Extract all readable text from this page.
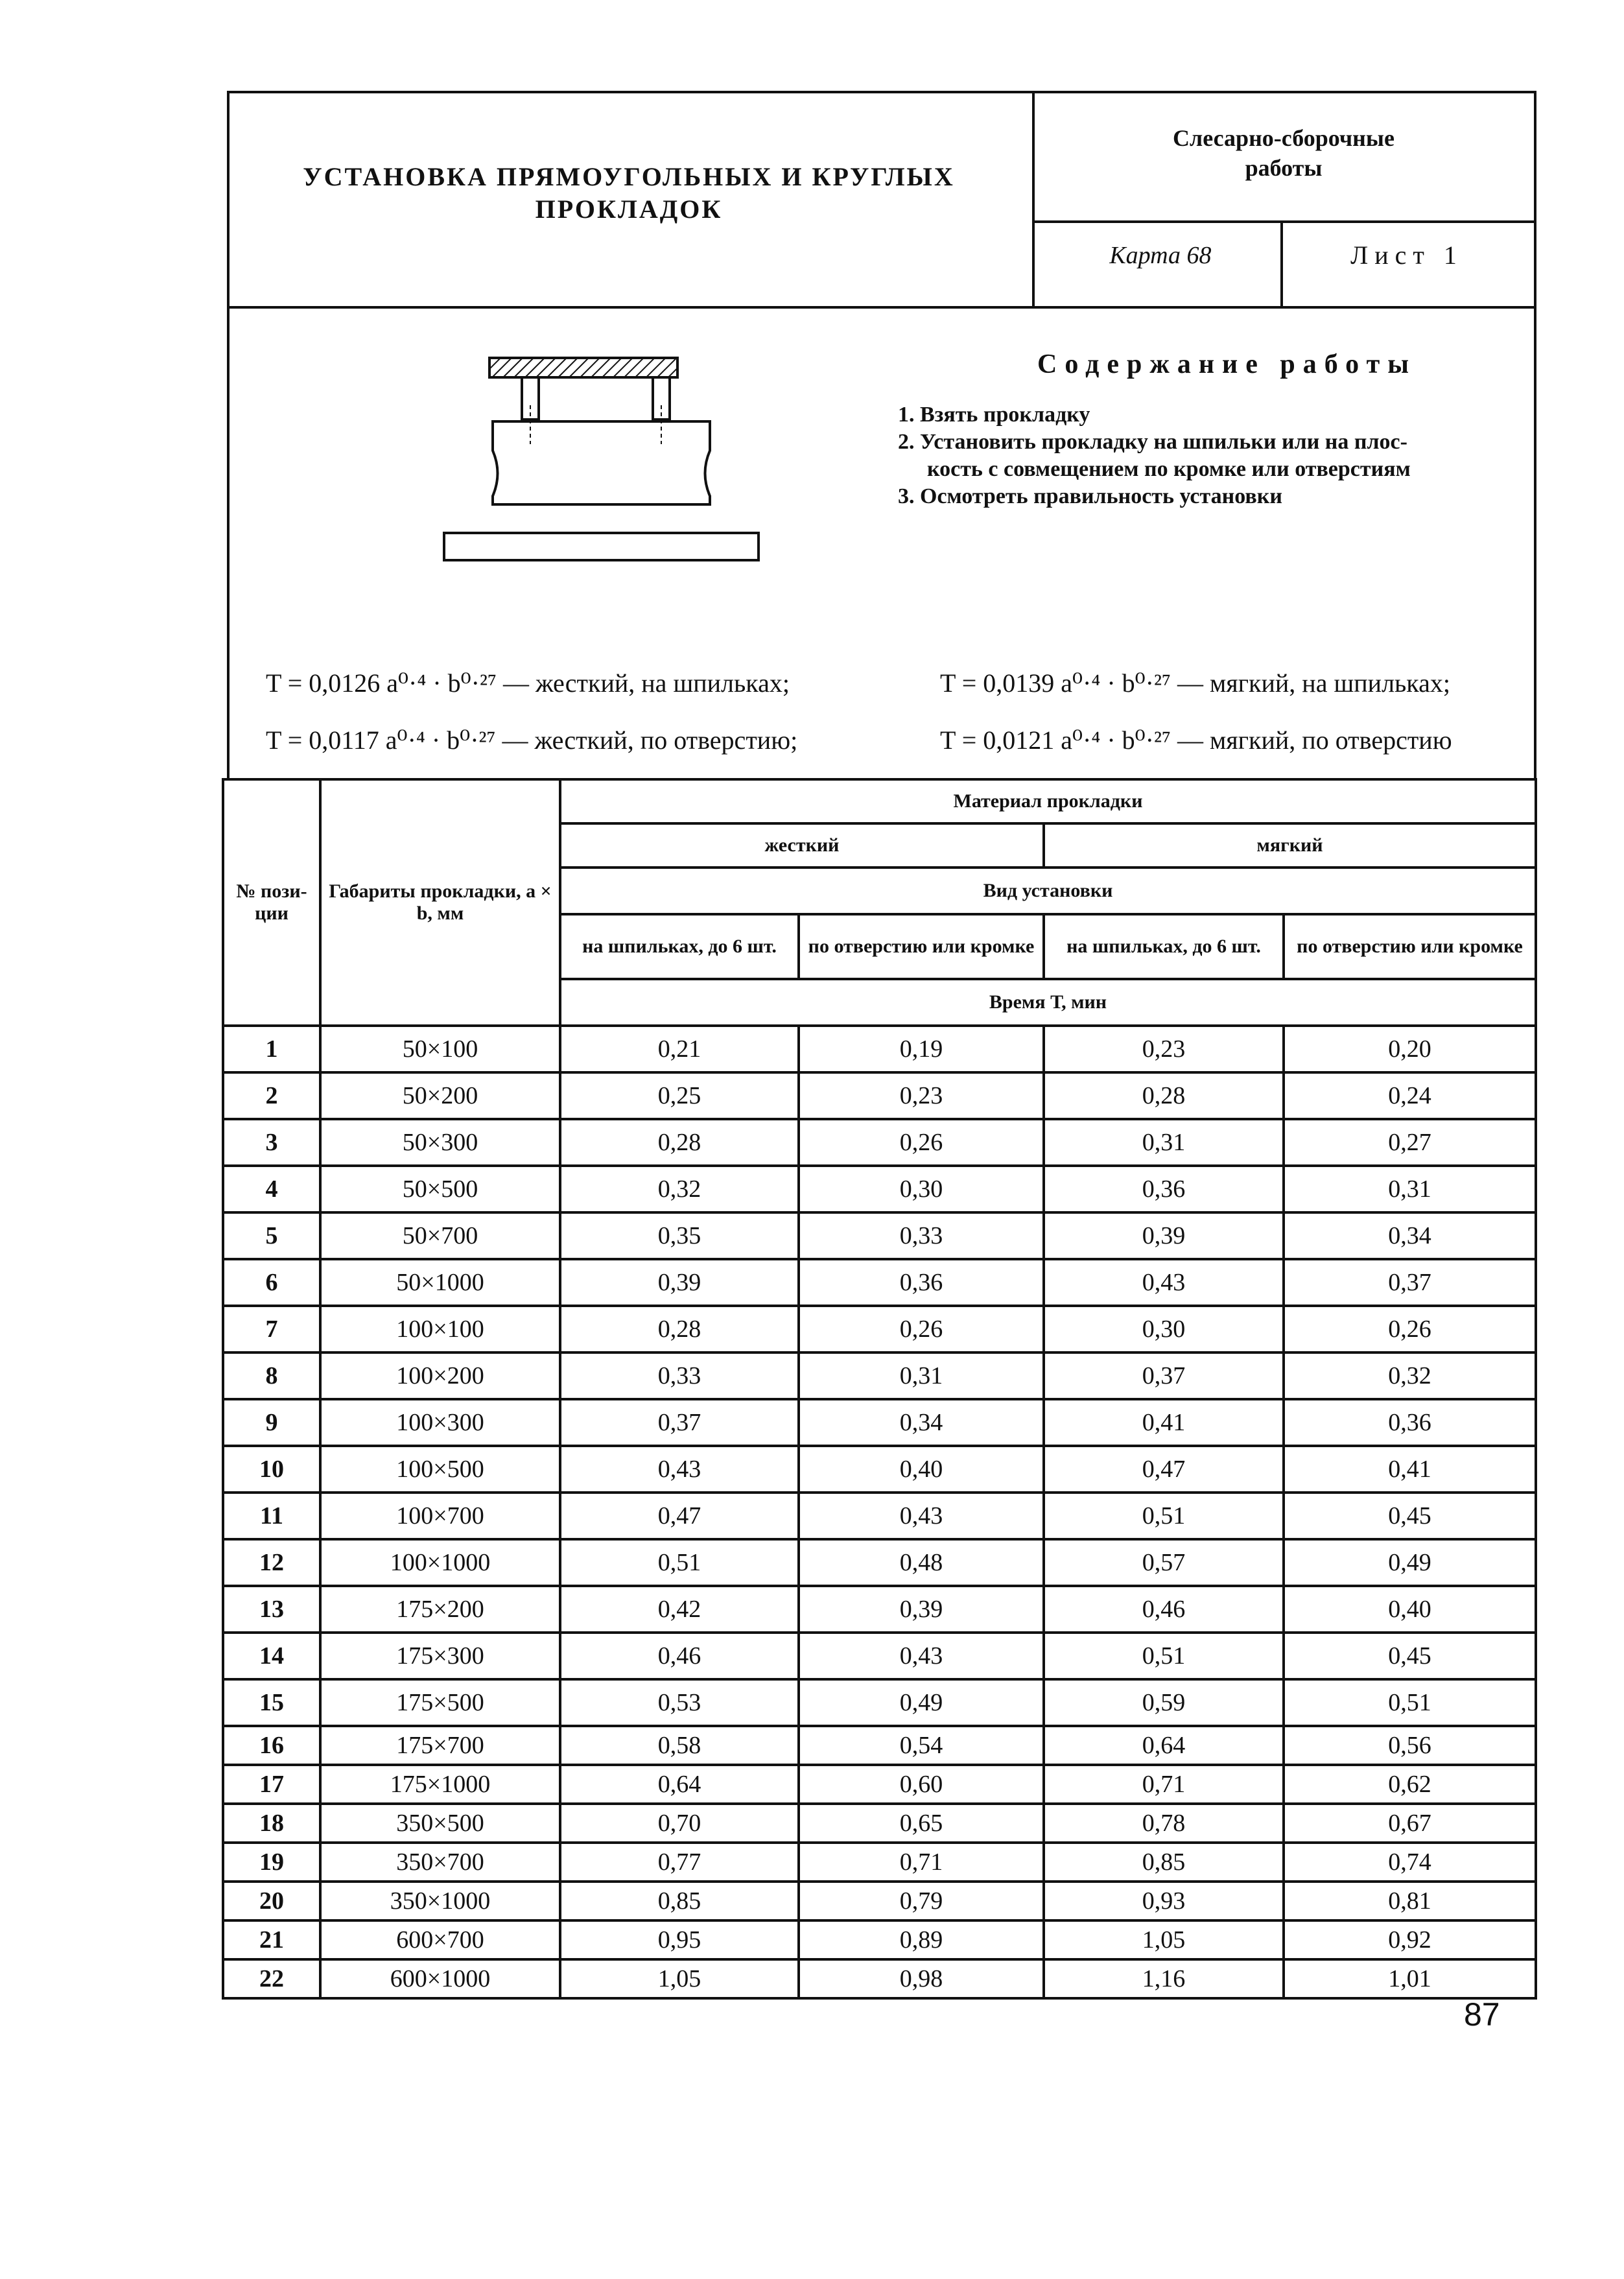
УСТАНОВКА ПРЯМОУГОЛЬНЫХ И КРУГЛЫХ
ПРОКЛАДОК
Слесарно-сборочные
работы
Карта 68	Лист 1
Содержание работы
1. Взять прокладку
2. Установить прокладку на шпильки или на плос-
кость с совмещением по кромке или отверстиям
3. Осмотреть правильность установки
T = 0,0126 a⁰·⁴ · b⁰·²⁷ — жесткий, на шпильках;	T = 0,0139 a⁰·⁴ · b⁰·²⁷ — мягкий, на шпильках;
T = 0,0117 a⁰·⁴ · b⁰·²⁷ — жесткий, по отверстию;	T = 0,0121 a⁰·⁴ · b⁰·²⁷ — мягкий, по отверстию
№ пози-ции	Габариты прокладки, a × b, мм	Материал прокладки			
		жесткий		мягкий	
		Вид установки			
		на шпильках, до 6 шт.	по отверстию или кромке	на шпильках, до 6 шт.	по отверстию или кромке
		Время Т, мин			
1	50×100	0,21	0,19	0,23	0,20
2	50×200	0,25	0,23	0,28	0,24
3	50×300	0,28	0,26	0,31	0,27
4	50×500	0,32	0,30	0,36	0,31
5	50×700	0,35	0,33	0,39	0,34
6	50×1000	0,39	0,36	0,43	0,37
7	100×100	0,28	0,26	0,30	0,26
8	100×200	0,33	0,31	0,37	0,32
9	100×300	0,37	0,34	0,41	0,36
10	100×500	0,43	0,40	0,47	0,41
11	100×700	0,47	0,43	0,51	0,45
12	100×1000	0,51	0,48	0,57	0,49
13	175×200	0,42	0,39	0,46	0,40
14	175×300	0,46	0,43	0,51	0,45
15	175×500	0,53	0,49	0,59	0,51
16	175×700	0,58	0,54	0,64	0,56
17	175×1000	0,64	0,60	0,71	0,62
18	350×500	0,70	0,65	0,78	0,67
19	350×700	0,77	0,71	0,85	0,74
20	350×1000	0,85	0,79	0,93	0,81
21	600×700	0,95	0,89	1,05	0,92
22	600×1000	1,05	0,98	1,16	1,01
87
